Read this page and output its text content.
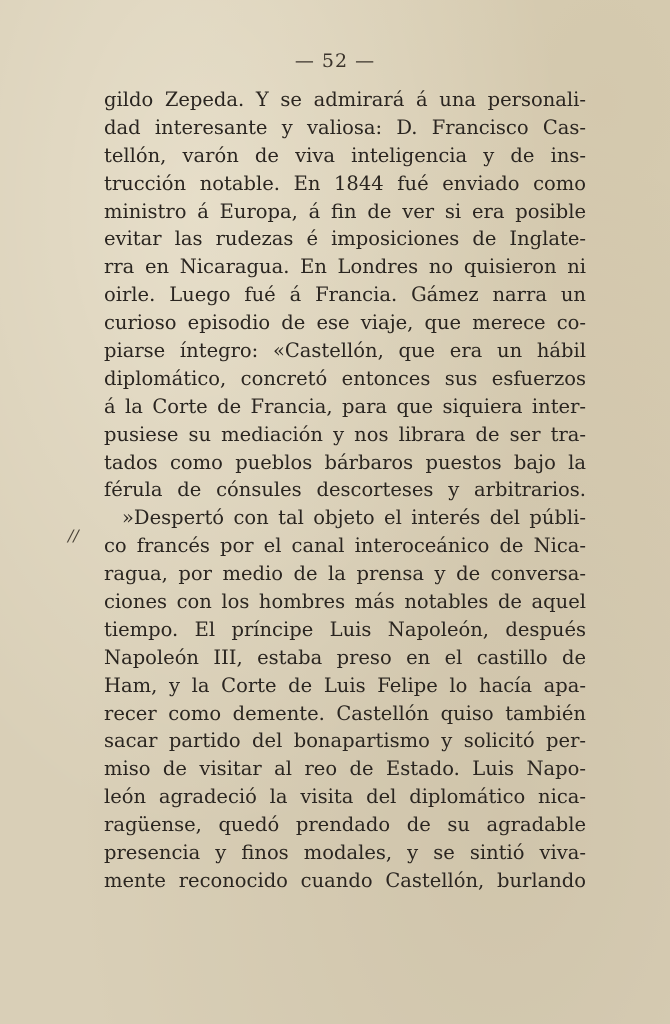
— 52 —
//
gildo Zepeda. Y se admirará á una personali-
dad interesante y valiosa: D. Francisco Cas-
tellón, varón de viva inteligencia y de ins-
trucción notable. En 1844 fué enviado como
ministro á Europa, á fin de ver si era posible
evitar las rudezas é imposiciones de Inglate-
rra en Nicaragua. En Londres no quisieron ni
oirle. Luego fué á Francia. Gámez narra un
curioso episodio de ese viaje, que merece co-
piarse íntegro: «Castellón, que era un hábil
diplomático, concretó entonces sus esfuerzos
á la Corte de Francia, para que siquiera inter-
pusiese su mediación y nos librara de ser tra-
tados como pueblos bárbaros puestos bajo la
férula de cónsules descorteses y arbitrarios.
»Despertó con tal objeto el interés del públi-
co francés por el canal interoceánico de Nica-
ragua, por medio de la prensa y de conversa-
ciones con los hombres más notables de aquel
tiempo. El príncipe Luis Napoleón, después
Napoleón III, estaba preso en el castillo de
Ham, y la Corte de Luis Felipe lo hacía apa-
recer como demente. Castellón quiso también
sacar partido del bonapartismo y solicitó per-
miso de visitar al reo de Estado. Luis Napo-
león agradeció la visita del diplomático nica-
ragüense, quedó prendado de su agradable
presencia y finos modales, y se sintió viva-
mente reconocido cuando Castellón, burlando
